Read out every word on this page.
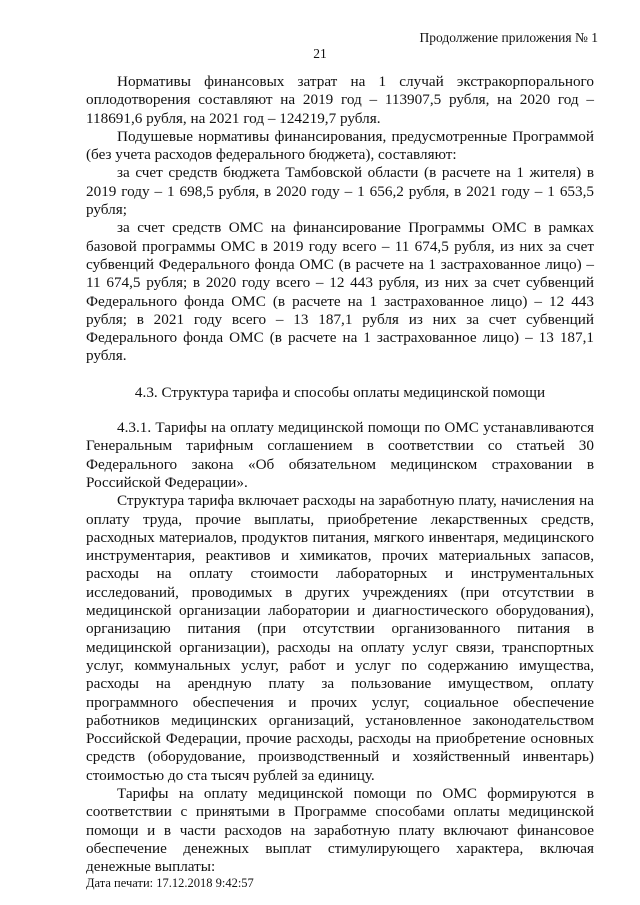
Продолжение приложения № 1
21

Нормативы финансовых затрат на 1 случай экстракорпорального оплодотворения составляют на 2019 год – 113907,5 рубля, на 2020 год – 118691,6 рубля, на 2021 год – 124219,7 рубля.

Подушевые нормативы финансирования, предусмотренные Программой (без учета расходов федерального бюджета), составляют:

за счет средств бюджета Тамбовской области (в расчете на 1 жителя) в 2019 году – 1 698,5 рубля, в 2020 году – 1 656,2 рубля, в 2021 году – 1 653,5 рубля;

за счет средств ОМС на финансирование Программы ОМС в рамках базовой программы ОМС в 2019 году всего – 11 674,5 рубля, из них за счет субвенций Федерального фонда ОМС (в расчете на 1 застрахованное лицо) – 11 674,5 рубля; в 2020 году всего – 12 443 рубля, из них за счет субвенций Федерального фонда ОМС (в расчете на 1 застрахованное лицо) – 12 443 рубля; в 2021 году всего – 13 187,1 рубля из них за счет субвенций Федерального фонда ОМС (в расчете на 1 застрахованное лицо) – 13 187,1 рубля.

4.3. Структура тарифа и способы оплаты медицинской помощи

4.3.1. Тарифы на оплату медицинской помощи по ОМС устанавливаются Генеральным тарифным соглашением в соответствии со статьей 30 Федерального закона «Об обязательном медицинском страховании в Российской Федерации».

Структура тарифа включает расходы на заработную плату, начисления на оплату труда, прочие выплаты, приобретение лекарственных средств, расходных материалов, продуктов питания, мягкого инвентаря, медицинского инструментария, реактивов и химикатов, прочих материальных запасов, расходы на оплату стоимости лабораторных и инструментальных исследований, проводимых в других учреждениях (при отсутствии в медицинской организации лаборатории и диагностического оборудования), организацию питания (при отсутствии организованного питания в медицинской организации), расходы на оплату услуг связи, транспортных услуг, коммунальных услуг, работ и услуг по содержанию имущества, расходы на арендную плату за пользование имуществом, оплату программного обеспечения и прочих услуг, социальное обеспечение работников медицинских организаций, установленное законодательством Российской Федерации, прочие расходы, расходы на приобретение основных средств (оборудование, производственный и хозяйственный инвентарь) стоимостью до ста тысяч рублей за единицу.

Тарифы на оплату медицинской помощи по ОМС формируются в соответствии с принятыми в Программе способами оплаты медицинской помощи и в части расходов на заработную плату включают финансовое обеспечение денежных выплат стимулирующего характера, включая денежные выплаты:

Дата печати: 17.12.2018 9:42:57
